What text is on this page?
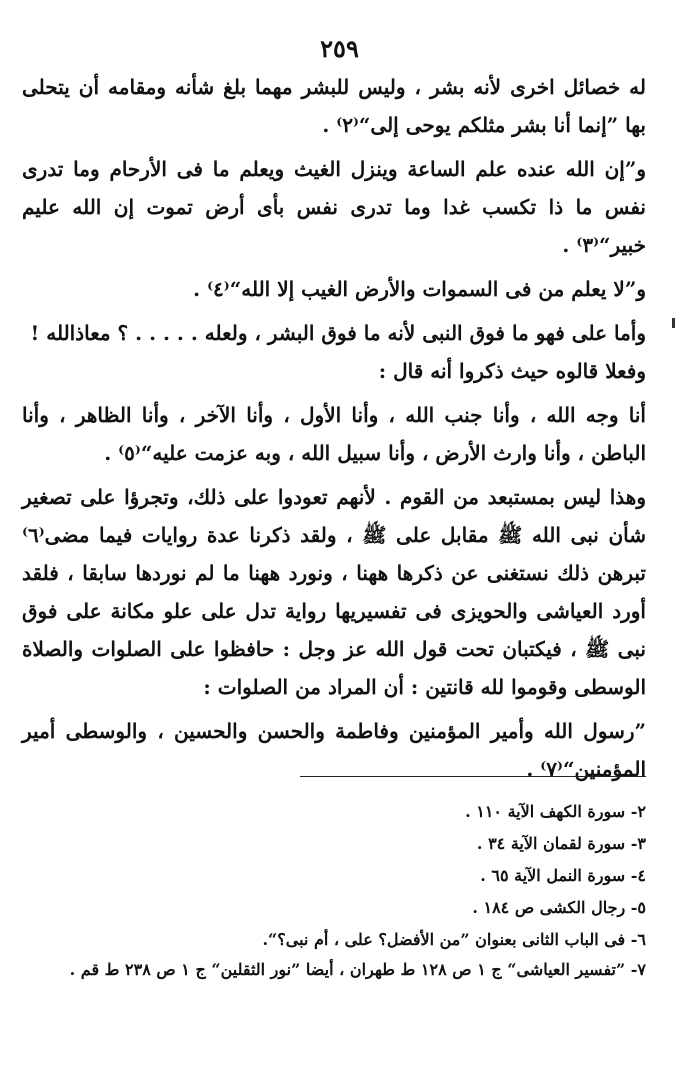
٢٥٩

له خصائل اخرى لأنه بشر ، وليس للبشر مهما بلغ شأنه ومقامه أن يتحلى بها ”إنما أنا بشر مثلكم يوحى إلى“⁽٢⁾ .

و”إن الله عنده علم الساعة وينزل الغيث ويعلم ما فى الأرحام وما تدرى نفس ما ذا تكسب غدا وما تدرى نفس بأى أرض تموت إن الله عليم خبير“⁽٣⁾ .

و”لا يعلم من فى السموات والأرض الغيب إلا الله“⁽٤⁾ .

وأما على فهو ما فوق النبى لأنه ما فوق البشر ، ولعله . . . . . ؟ معاذالله !

وفعلا قالوه حيث ذكروا أنه قال :

أنا وجه الله ، وأنا جنب الله ، وأنا الأول ، وأنا الآخر ، وأنا الظاهر ، وأنا الباطن ، وأنا وارث الأرض ، وأنا سبيل الله ، وبه عزمت عليه“⁽٥⁾ .

وهذا ليس بمستبعد من القوم . لأنهم تعودوا على ذلك، وتجرؤا على تصغير شأن نبى الله ﷺ مقابل على ﷺ ، ولقد ذكرنا عدة روايات فيما مضى⁽٦⁾ تبرهن ذلك نستغنى عن ذكرها ههنا ، ونورد ههنا ما لم نوردها سابقا ، فلقد أورد العياشى والحويزى فى تفسيريها رواية تدل على علو مكانة على فوق نبى ﷺ ، فيكتبان تحت قول الله عز وجل : حافظوا على الصلوات والصلاة الوسطى وقوموا لله قانتين : أن المراد من الصلوات :

”رسول الله وأمير المؤمنين وفاطمة والحسن والحسين ، والوسطى أمير المؤمنين“⁽٧⁾ .

٢- سورة الكهف الآية ١١٠ .
٣- سورة لقمان الآية ٣٤ .
٤- سورة النمل الآية ٦٥ .
٥- رجال الكشى ص ١٨٤ .
٦- فى الباب الثانى بعنوان ”من الأفضل؟ على ، أم نبى؟“.
٧- ”تفسير العياشى“ ج ١ ص ١٢٨ ط طهران ، أيضا ”نور الثقلين“ ج ١ ص ٢٣٨ ط قم .
